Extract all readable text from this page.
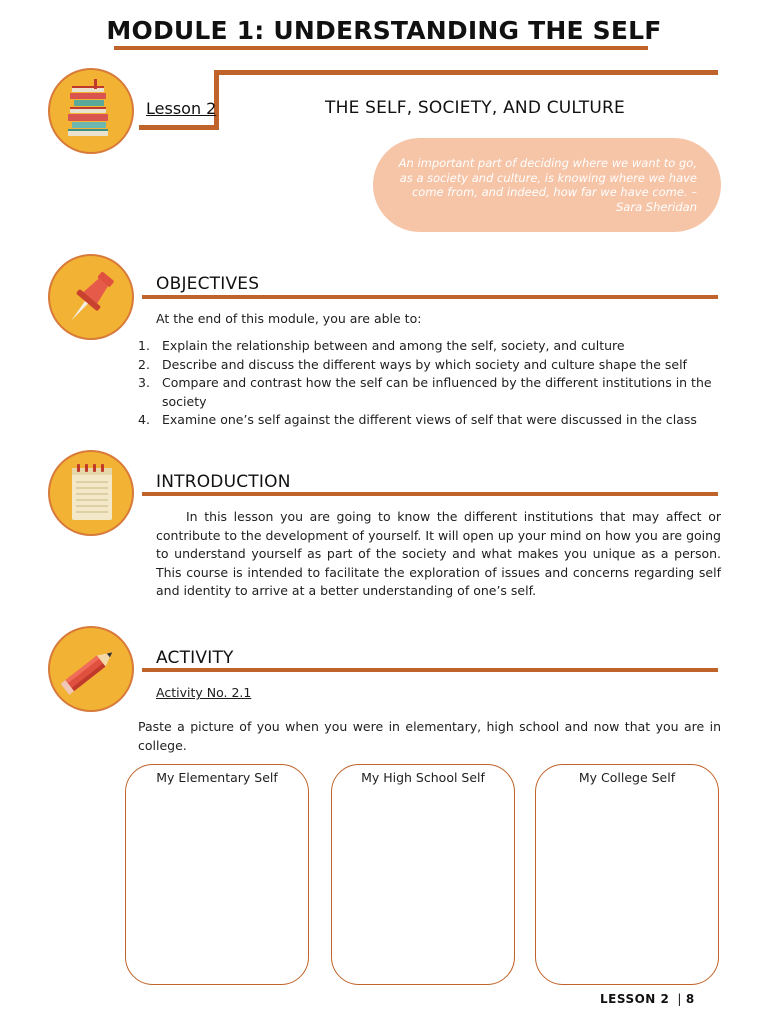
MODULE 1: UNDERSTANDING THE SELF
Lesson 2	THE SELF, SOCIETY, AND CULTURE
An important part of deciding where we want to go, as a society and culture, is knowing where we have come from, and indeed, how far we have come. – Sara Sheridan
OBJECTIVES
At the end of this module, you are able to:
1. Explain the relationship between and among the self, society, and culture
2. Describe and discuss the different ways by which society and culture shape the self
3. Compare and contrast how the self can be influenced by the different institutions in the society
4. Examine one’s self against the different views of self that were discussed in the class
INTRODUCTION
In this lesson you are going to know the different institutions that may affect or contribute to the development of yourself. It will open up your mind on how you are going to understand yourself as part of the society and what makes you unique as a person. This course is intended to facilitate the exploration of issues and concerns regarding self and identity to arrive at a better understanding of one’s self.
ACTIVITY
Activity No. 2.1
Paste a picture of you when you were in elementary, high school and now that you are in college.
My Elementary Self	My High School Self	My College Self
LESSON 2 | 8
